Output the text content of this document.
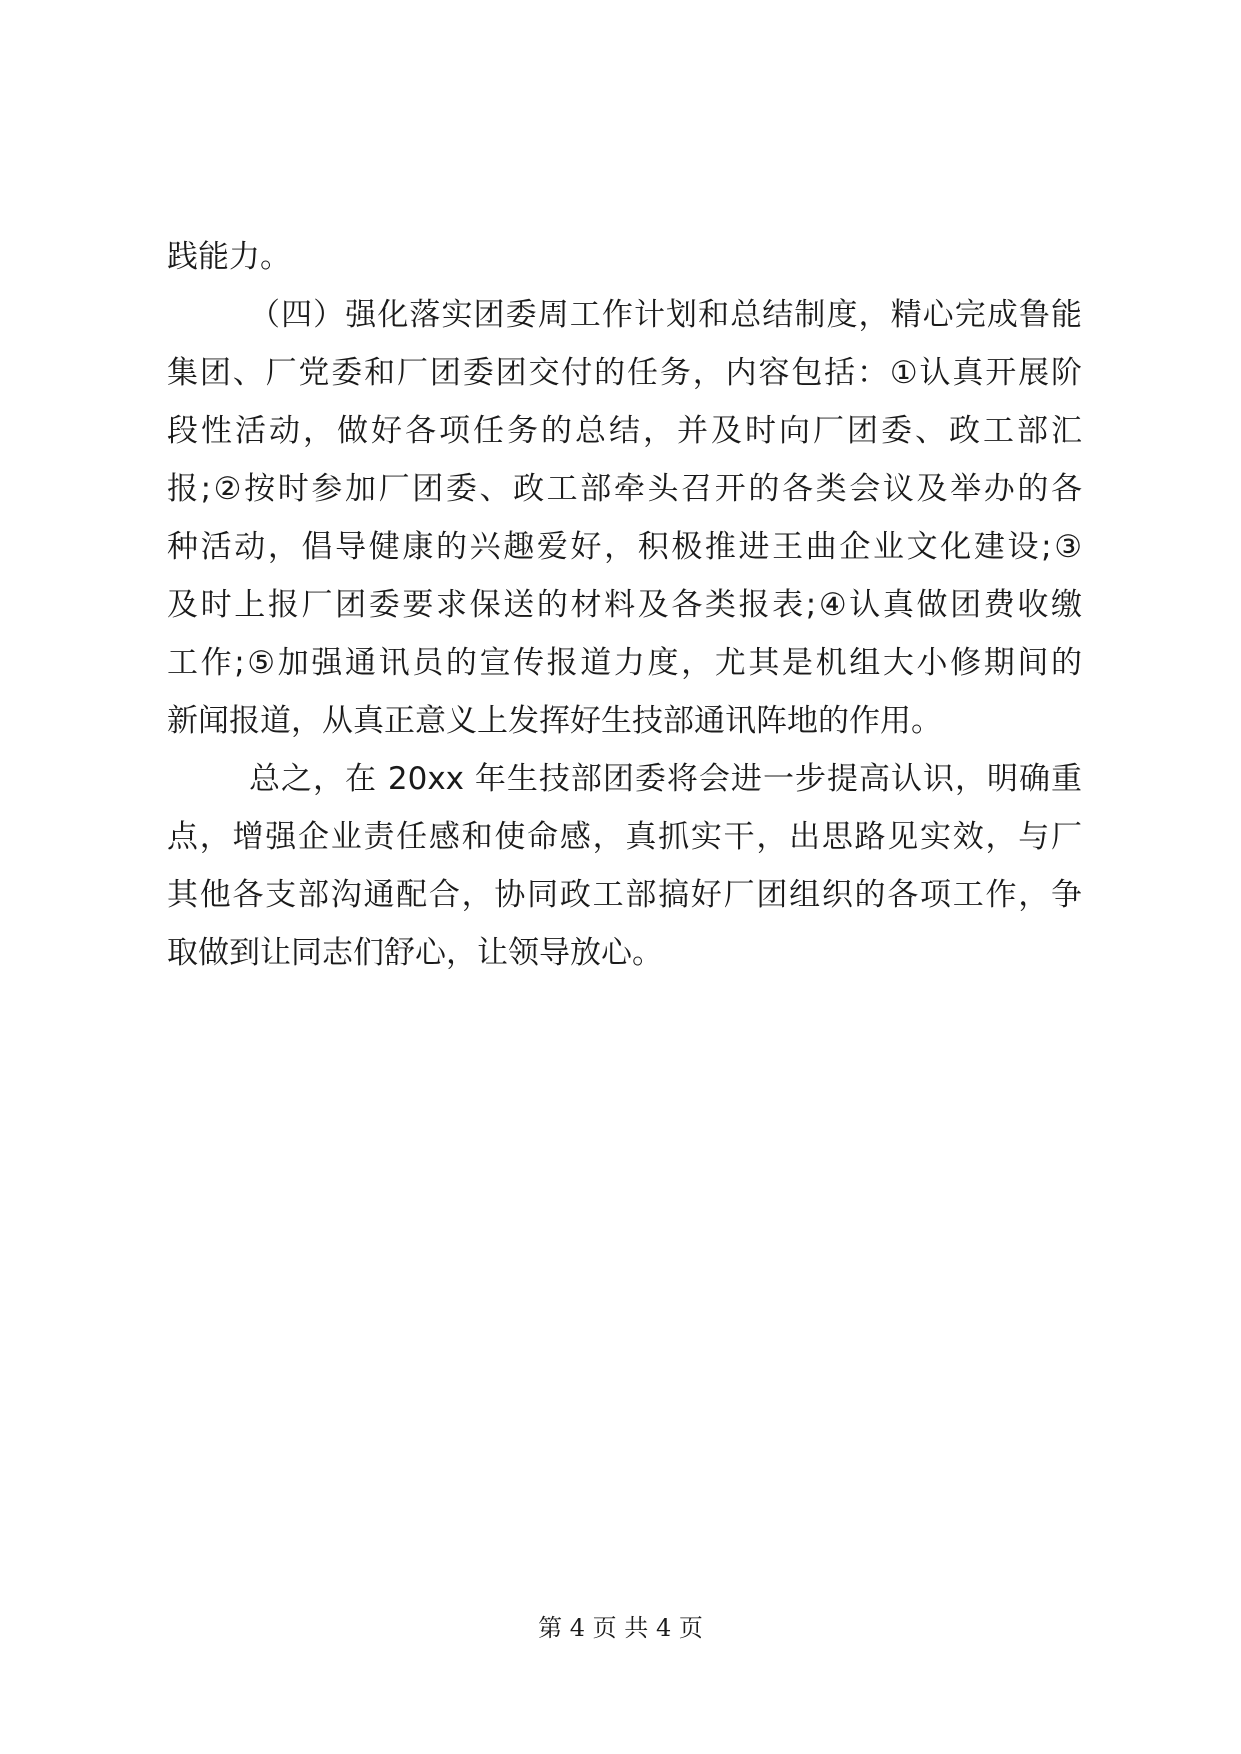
践能力。
（四）强化落实团委周工作计划和总结制度，精心完成鲁能
集团、厂党委和厂团委团交付的任务，内容包括：①认真开展阶
段性活动，做好各项任务的总结，并及时向厂团委、政工部汇
报;②按时参加厂团委、政工部牵头召开的各类会议及举办的各
种活动，倡导健康的兴趣爱好，积极推进王曲企业文化建设;③
及时上报厂团委要求保送的材料及各类报表;④认真做团费收缴
工作;⑤加强通讯员的宣传报道力度，尤其是机组大小修期间的
新闻报道，从真正意义上发挥好生技部通讯阵地的作用。
总之，在 20xx 年生技部团委将会进一步提高认识，明确重
点，增强企业责任感和使命感，真抓实干，出思路见实效，与厂
其他各支部沟通配合，协同政工部搞好厂团组织的各项工作，争
取做到让同志们舒心，让领导放心。
第 4 页 共 4 页
